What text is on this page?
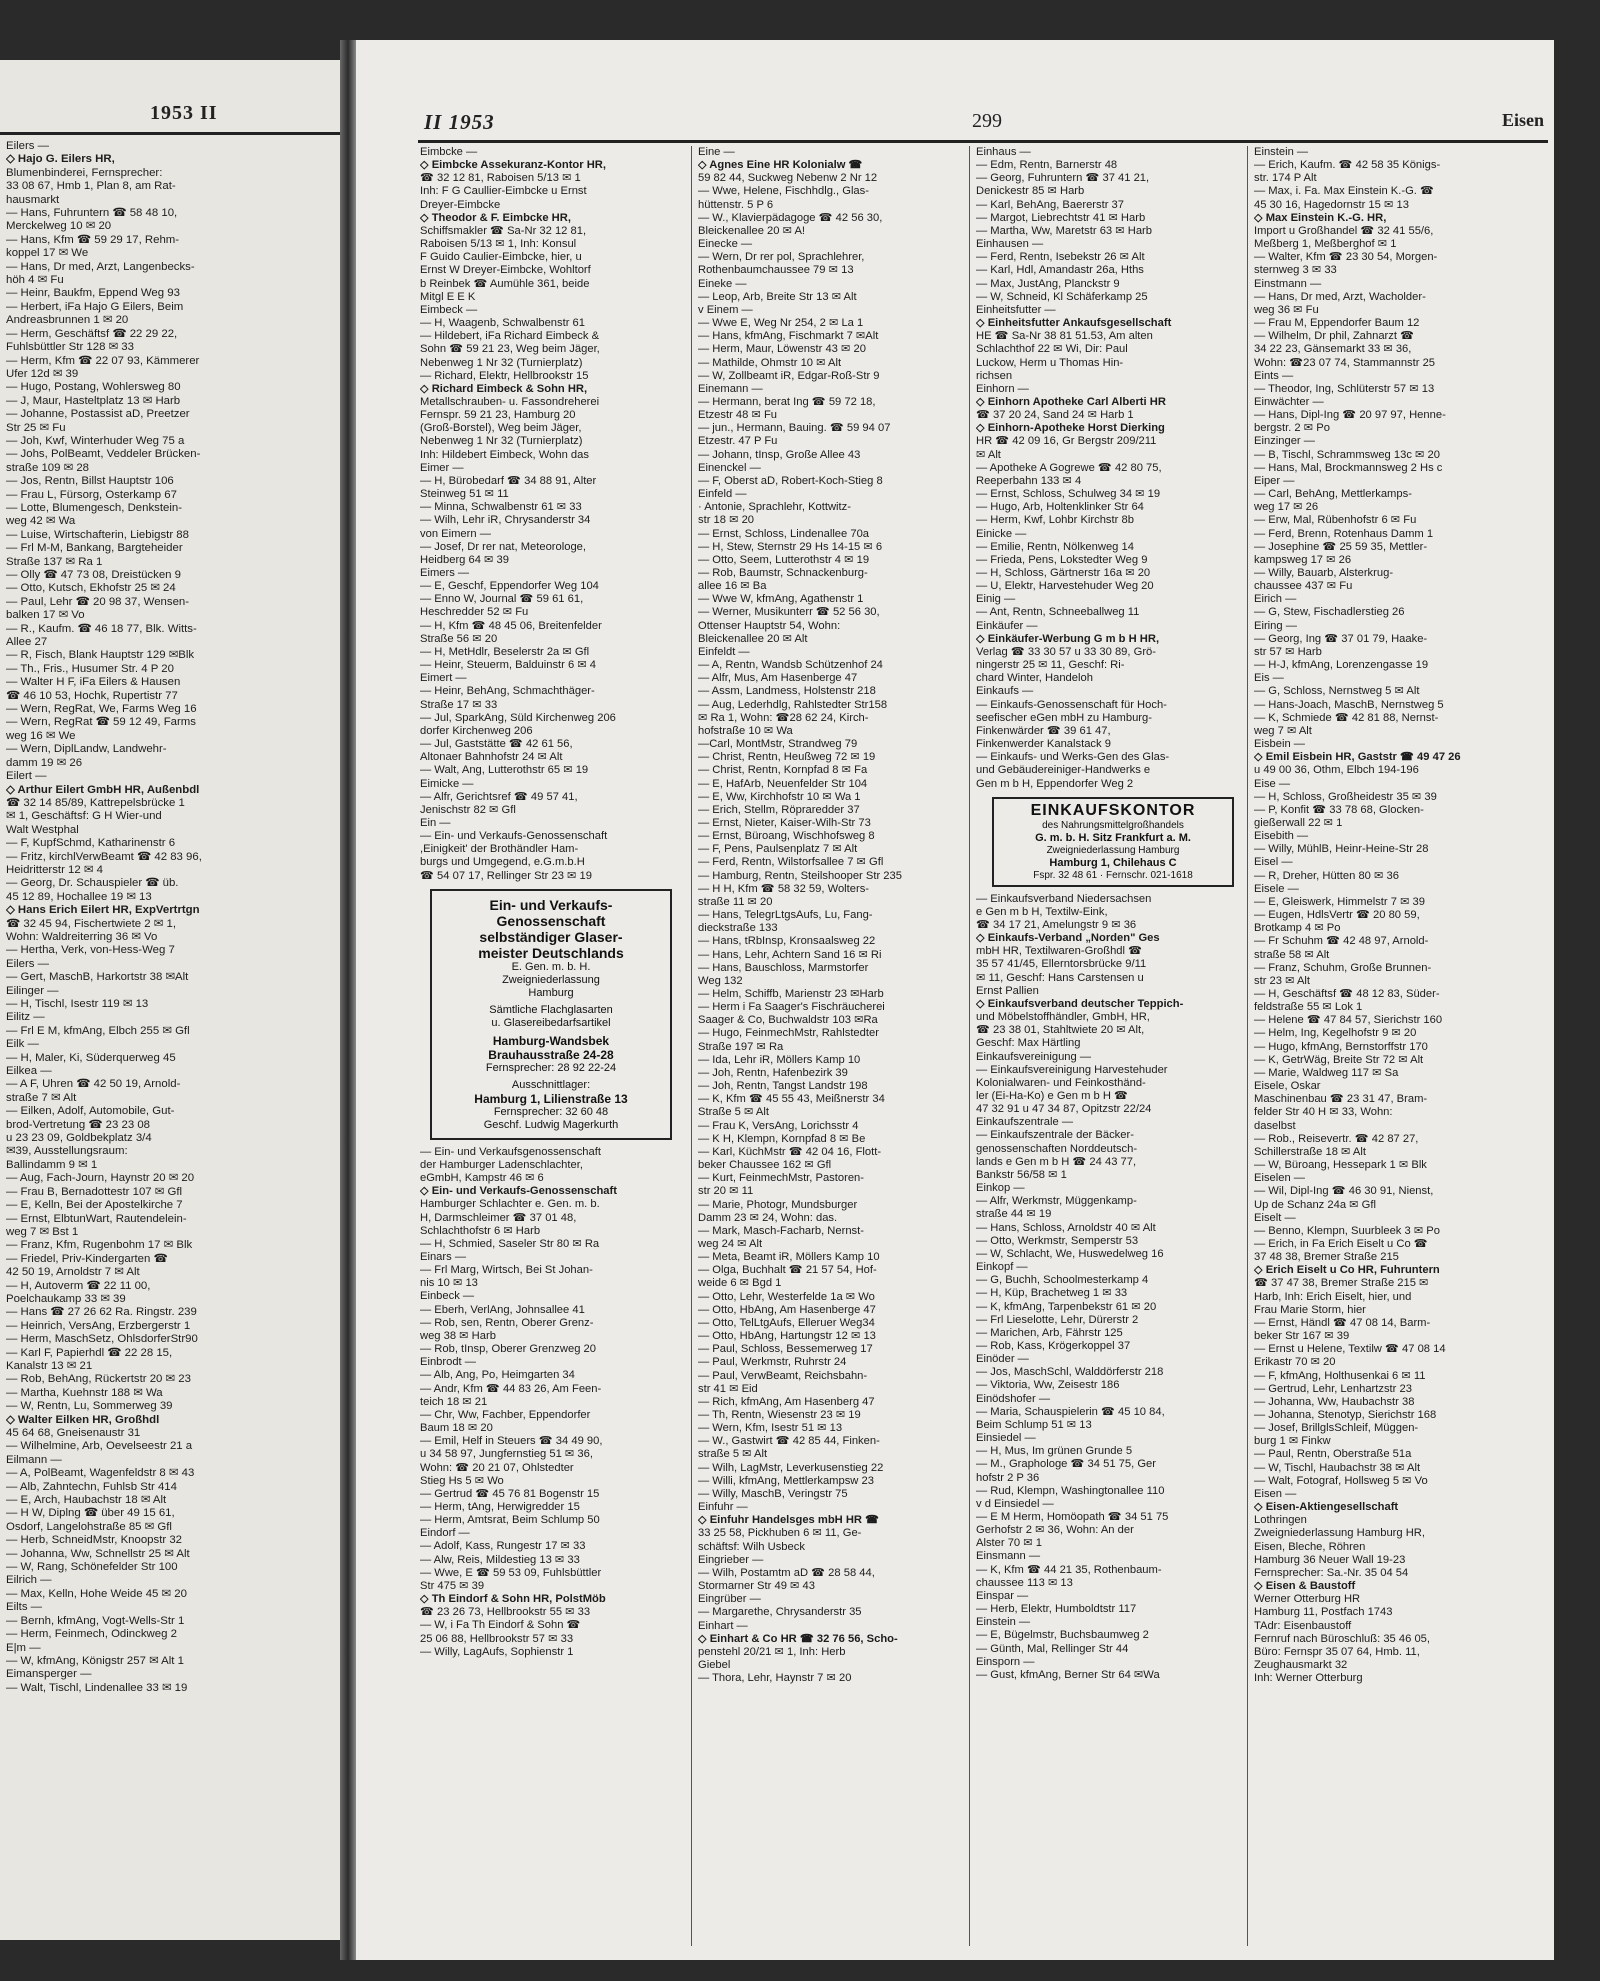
1953 II
Eilers —
◇ Hajo G. Eilers HR,
Blumenbinderei, Fernsprecher:
33 08 67, Hmb 1, Plan 8, am Rat-
hausmarkt
— Hans, Fuhruntern ☎ 58 48 10,
Merckelweg 10 ✉ 20
— Hans, Kfm ☎ 59 29 17, Rehm-
koppel 17 ✉ We
— Hans, Dr med, Arzt, Langenbecks-
höh 4 ✉ Fu
— Heinr, Baukfm, Eppend Weg 93
— Herbert, iFa Hajo G Eilers, Beim
Andreasbrunnen 1 ✉ 20
— Herm, Geschäftsf ☎ 22 29 22,
Fuhlsbüttler Str 128 ✉ 33
— Herm, Kfm ☎ 22 07 93, Kämmerer
Ufer 12d ✉ 39
— Hugo, Postang, Wohlersweg 80
— J, Maur, Hasteltplatz 13 ✉ Harb
— Johanne, Postassist aD, Preetzer
Str 25 ✉ Fu
— Joh, Kwf, Winterhuder Weg 75 a
— Johs, PolBeamt, Veddeler Brücken-
straße 109 ✉ 28
— Jos, Rentn, Billst Hauptstr 106
— Frau L, Fürsorg, Osterkamp 67
— Lotte, Blumengesch, Denkstein-
weg 42 ✉ Wa
— Luise, Wirtschafterin, Liebigstr 88
— Frl M-M, Bankang, Bargteheider
Straße 137 ✉ Ra 1
— Olly ☎ 47 73 08, Dreistücken 9
— Otto, Kutsch, Ekhofstr 25 ✉ 24
— Paul, Lehr ☎ 20 98 37, Wensen-
balken 17 ✉ Vo
— R., Kaufm. ☎ 46 18 77, Blk. Witts-
Allee 27
— R, Fisch, Blank Hauptstr 129 ✉Blk
— Th., Fris., Husumer Str. 4 P 20
— Walter H F, iFa Eilers & Hausen
☎ 46 10 53, Hochk, Rupertistr 77
— Wern, RegRat, We, Farms Weg 16
— Wern, RegRat ☎ 59 12 49, Farms
weg 16 ✉ We
— Wern, DiplLandw, Landwehr-
damm 19 ✉ 26
Eilert —
◇ Arthur Eilert GmbH HR, Außenbdl
☎ 32 14 85/89, Kattrepelsbrücke 1
✉ 1, Geschäftsf: G H Wier-und
Walt Westphal
— F, KupfSchmd, Katharinenstr 6
— Fritz, kirchlVerwBeamt ☎ 42 83 96,
Heidritterstr 12 ✉ 4
— Georg, Dr. Schauspieler ☎ üb.
45 12 89, Hochallee 19 ✉ 13
◇ Hans Erich Eilert HR, ExpVertrtgn
☎ 32 45 94, Fischertwiete 2 ✉ 1,
Wohn: Waldreiterring 36 ✉ Vo
— Hertha, Verk, von-Hess-Weg 7
Eilers —
— Gert, MaschB, Harkortstr 38 ✉Alt
Eilinger —
— H, Tischl, Isestr 119 ✉ 13
Eilitz —
— Frl E M, kfmAng, Elbch 255 ✉ Gfl
Eilk —
— H, Maler, Ki, Süderquerweg 45
Eilkea —
— A F, Uhren ☎ 42 50 19, Arnold-
straße 7 ✉ Alt
— Eilken, Adolf, Automobile, Gut-
brod-Vertretung ☎ 23 23 08
u 23 23 09, Goldbekplatz 3/4
✉39, Ausstellungsraum:
Ballindamm 9 ✉ 1
— Aug, Fach-Journ, Haynstr 20 ✉ 20
— Frau B, Bernadottestr 107 ✉ Gfl
— E, Kelln, Bei der Apostelkirche 7
— Ernst, ElbtunWart, Rautendelein-
weg 7 ✉ Bst 1
— Franz, Kfm, Rugenbohm 17 ✉ Blk
— Friedel, Priv-Kindergarten ☎
42 50 19, Arnoldstr 7 ✉ Alt
— H, Autoverm ☎ 22 11 00,
Poelchaukamp 33 ✉ 39
— Hans ☎ 27 26 62 Ra. Ringstr. 239
— Heinrich, VersAng, Erzbergerstr 1
— Herm, MaschSetz, OhlsdorferStr90
— Karl F, Papierhdl ☎ 22 28 15,
Kanalstr 13 ✉ 21
— Rob, BehAng, Rückertstr 20 ✉ 23
— Martha, Kuehnstr 188 ✉ Wa
— W, Rentn, Lu, Sommerweg 39
◇ Walter Eilken HR, Großhdl
45 64 68, Gneisenaustr 31
— Wilhelmine, Arb, Oevelseestr 21 a
Eilmann —
— A, PolBeamt, Wagenfeldstr 8 ✉ 43
— Alb, Zahntechn, Fuhlsb Str 414
— E, Arch, Haubachstr 18 ✉ Alt
— H W, Diplng ☎ über 49 15 61,
Osdorf, Langelohstraße 85 ✉ Gfl
— Herb, SchneidMstr, Knoopstr 32
— Johanna, Ww, Schnellstr 25 ✉ Alt
— W, Rang, Schönefelder Str 100
Eilrich —
— Max, Kelln, Hohe Weide 45 ✉ 20
Eilts —
— Bernh, kfmAng, Vogt-Wells-Str 1
— Herm, Feinmech, Odinckweg 2
E|m —
— W, kfmAng, Königstr 257 ✉ Alt 1
Eimansperger —
— Walt, Tischl, Lindenallee 33 ✉ 19
II 1953	299	Eisen
Eimbcke —
◇ Eimbcke Assekuranz-Kontor HR,
☎ 32 12 81, Raboisen 5/13 ✉ 1
Inh: F G Caullier-Eimbcke u Ernst
Dreyer-Eimbcke
◇ Theodor & F. Eimbcke HR,
Schiffsmakler ☎ Sa-Nr 32 12 81,
Raboisen 5/13 ✉ 1, Inh: Konsul
F Guido Caulier-Eimbcke, hier, u
Ernst W Dreyer-Eimbcke, Wohltorf
b Reinbek ☎ Aumühle 361, beide
Mitgl E E K
Eimbeck —
— H, Waagenb, Schwalbenstr 61
— Hildebert, iFa Richard Eimbeck &
Sohn ☎ 59 21 23, Weg beim Jäger,
Nebenweg 1 Nr 32 (Turnierplatz)
— Richard, Elektr, Hellbrookstr 15
◇ Richard Eimbeck & Sohn HR,
Metallschrauben- u. Fassondreherei
Fernspr. 59 21 23, Hamburg 20
(Groß-Borstel), Weg beim Jäger,
Nebenweg 1 Nr 32 (Turnierplatz)
Inh: Hildebert Eimbeck, Wohn das
Eimer —
— H, Bürobedarf ☎ 34 88 91, Alter
Steinweg 51 ✉ 11
— Minna, Schwalbenstr 61 ✉ 33
— Wilh, Lehr iR, Chrysanderstr 34
von Eimern —
— Josef, Dr rer nat, Meteorologe,
Heidberg 64 ✉ 39
Eimers —
— E, Geschf, Eppendorfer Weg 104
— Enno W, Journal ☎ 59 61 61,
Heschredder 52 ✉ Fu
— H, Kfm ☎ 48 45 06, Breitenfelder
Straße 56 ✉ 20
— H, MetHdlr, Beselerstr 2a ✉ Gfl
— Heinr, Steuerm, Balduinstr 6 ✉ 4
Eimert —
— Heinr, BehAng, Schmachthäger-
Straße 17 ✉ 33
— Jul, SparkAng, Süld Kirchenweg 206
dorfer Kirchenweg 206
— Jul, Gaststätte ☎ 42 61 56,
Altonaer Bahnhofstr 24 ✉ Alt
— Walt, Ang, Lutterothstr 65 ✉ 19
Eimicke —
— Alfr, Gerichtsref ☎ 49 57 41,
Jenischstr 82 ✉ Gfl
Ein —
— Ein- und Verkaufs-Genossenschaft
,Einigkeit' der Brothändler Ham-
burgs und Umgegend, e.G.m.b.H
☎ 54 07 17, Rellinger Str 23 ✉ 19
Ein- und Verkaufs-
Genossenschaft
selbständiger Glaser-
meister Deutschlands
E. Gen. m. b. H.
Zweigniederlassung
Hamburg
Sämtliche Flachglasarten
u. Glasereibedarfsartikel
Hamburg-Wandsbek
Brauhausstraße 24-28
Fernsprecher: 28 92 22-24
Ausschnittlager:
Hamburg 1, Lilienstraße 13
Fernsprecher: 32 60 48
Geschf. Ludwig Magerkurth
— Ein- und Verkaufsgenossenschaft
der Hamburger Ladenschlachter,
eGmbH, Kampstr 46 ✉ 6
◇ Ein- und Verkaufs-Genossenschaft
Hamburger Schlachter e. Gen. m. b.
H, Darmschleimer ☎ 37 01 48,
Schlachthofstr 6 ✉ Harb
— H, Schmied, Saseler Str 80 ✉ Ra
Einars —
— Frl Marg, Wirtsch, Bei St Johan-
nis 10 ✉ 13
Einbeck —
— Eberh, VerlAng, Johnsallee 41
— Rob, sen, Rentn, Oberer Grenz-
weg 38 ✉ Harb
— Rob, tInsp, Oberer Grenzweg 20
Einbrodt —
— Alb, Ang, Po, Heimgarten 34
— Andr, Kfm ☎ 44 83 26, Am Feen-
teich 18 ✉ 21
— Chr, Ww, Fachber, Eppendorfer
Baum 18 ✉ 20
— Emil, Helf in Steuers ☎ 34 49 90,
u 34 58 97, Jungfernstieg 51 ✉ 36,
Wohn: ☎ 20 21 07, Ohlstedter
Stieg Hs 5 ✉ Wo
— Gertrud ☎ 45 76 81 Bogenstr 15
— Herm, tAng, Herwigredder 15
— Herm, Amtsrat, Beim Schlump 50
Eindorf —
— Adolf, Kass, Rungestr 17 ✉ 33
— Alw, Reis, Mildestieg 13 ✉ 33
— Wwe, E ☎ 59 53 09, Fuhlsbüttler
Str 475 ✉ 39
◇ Th Eindorf & Sohn HR, PolstMöb
☎ 23 26 73, Hellbrookstr 55 ✉ 33
— W, i Fa Th Eindorf & Sohn ☎
25 06 88, Hellbrookstr 57 ✉ 33
— Willy, LagAufs, Sophienstr 1
Eine —
◇ Agnes Eine HR Kolonialw ☎
59 82 44, Suckweg Nebenw 2 Nr 12
— Wwe, Helene, Fischhdlg., Glas-
hüttenstr. 5 P 6
— W., Klavierpädagoge ☎ 42 56 30,
Bleickenallee 20 ✉ A!
Einecke —
— Wern, Dr rer pol, Sprachlehrer,
Rothenbaumchaussee 79 ✉ 13
Eineke —
— Leop, Arb, Breite Str 13 ✉ Alt
v Einem —
— Wwe E, Weg Nr 254, 2 ✉ La 1
— Hans, kfmAng, Fischmarkt 7 ✉Alt
— Herm, Maur, Löwenstr 43 ✉ 20
— Mathilde, Ohmstr 10 ✉ Alt
— W, Zollbeamt iR, Edgar-Roß-Str 9
Einemann —
— Hermann, berat Ing ☎ 59 72 18,
Etzestr 48 ✉ Fu
— jun., Hermann, Bauing. ☎ 59 94 07
Etzestr. 47 P Fu
— Johann, tInsp, Große Allee 43
Einenckel —
— F, Oberst aD, Robert-Koch-Stieg 8
Einfeld —
· Antonie, Sprachlehr, Kottwitz-
str 18 ✉ 20
— Ernst, Schloss, Lindenallee 70a
— H, Stew, Sternstr 29 Hs 14-15 ✉ 6
— Otto, Seem, Lutterothstr 4 ✉ 19
— Rob, Baumstr, Schnackenburg-
allee 16 ✉ Ba
— Wwe W, kfmAng, Agathenstr 1
— Werner, Musikunterr ☎ 52 56 30,
Ottenser Hauptstr 54, Wohn:
Bleickenallee 20 ✉ Alt
Einfeldt —
— A, Rentn, Wandsb Schützenhof 24
— Alfr, Mus, Am Hasenberge 47
— Assm, Landmess, Holstenstr 218
— Aug, Lederhdlg, Rahlstedter Str158
✉ Ra 1, Wohn: ☎28 62 24, Kirch-
hofstraße 10 ✉ Wa
—Carl, MontMstr, Strandweg 79
— Christ, Rentn, Heußweg 72 ✉ 19
— Christ, Rentn, Kornpfad 8 ✉ Fa
— E, HafArb, Neuenfelder Str 104
— E, Ww, Kirchhofstr 10 ✉ Wa 1
— Erich, Stellm, Röpraredder 37
— Ernst, Nieter, Kaiser-Wilh-Str 73
— Ernst, Büroang, Wischhofsweg 8
— F, Pens, Paulsenplatz 7 ✉ Alt
— Ferd, Rentn, Wilstorfsallee 7 ✉ Gfl
— Hamburg, Rentn, Steilshooper Str 235
— H H, Kfm ☎ 58 32 59, Wolters-
straße 11 ✉ 20
— Hans, TelegrLtgsAufs, Lu, Fang-
dieckstraße 133
— Hans, tRbInsp, Kronsaalsweg 22
— Hans, Lehr, Achtern Sand 16 ✉ Ri
— Hans, Bauschloss, Marmstorfer
Weg 132
— Helm, Schiffb, Marienstr 23 ✉Harb
— Herm i Fa Saager's Fischräucherei
Saager & Co, Buchwaldstr 103 ✉Ra
— Hugo, FeinmechMstr, Rahlstedter
Straße 197 ✉ Ra
— Ida, Lehr iR, Möllers Kamp 10
— Joh, Rentn, Hafenbezirk 39
— Joh, Rentn, Tangst Landstr 198
— K, Kfm ☎ 45 55 43, Meißnerstr 34
Straße 5 ✉ Alt
— Frau K, VersAng, Lorichsstr 4
— K H, Klempn, Kornpfad 8 ✉ Be
— Karl, KüchMstr ☎ 42 04 16, Flott-
beker Chaussee 162 ✉ Gfl
— Kurt, FeinmechMstr, Pastoren-
str 20 ✉ 11
— Marie, Photogr, Mundsburger
Damm 23 ✉ 24, Wohn: das.
— Mark, Masch-Facharb, Nernst-
weg 24 ✉ Alt
— Meta, Beamt iR, Möllers Kamp 10
— Olga, Buchhalt ☎ 21 57 54, Hof-
weide 6 ✉ Bgd 1
— Otto, Lehr, Westerfelde 1a ✉ Wo
— Otto, HbAng, Am Hasenberge 47
— Otto, TelLtgAufs, Elleruer Weg34
— Otto, HbAng, Hartungstr 12 ✉ 13
— Paul, Schloss, Bessemerweg 17
— Paul, Werkmstr, Ruhrstr 24
— Paul, VerwBeamt, Reichsbahn-
str 41 ✉ Eid
— Rich, kfmAng, Am Hasenberg 47
— Th, Rentn, Wiesenstr 23 ✉ 19
— Wern, Kfm, Isestr 51 ✉ 13
— W., Gastwirt ☎ 42 85 44, Finken-
straße 5 ✉ Alt
— Wilh, LagMstr, Leverkusenstieg 22
— Willi, kfmAng, Mettlerkampsw 23
— Willy, MaschB, Veringstr 75
Einfuhr —
◇ Einfuhr Handelsges mbH HR ☎
33 25 58, Pickhuben 6 ✉ 11, Ge-
schäftsf: Wilh Usbeck
Eingrieber —
— Wilh, Postamtm aD ☎ 28 58 44,
Stormarner Str 49 ✉ 43
Eingrüber —
— Margarethe, Chrysanderstr 35
Einhart —
◇ Einhart & Co HR ☎ 32 76 56, Scho-
penstehl 20/21 ✉ 1, Inh: Herb
Giebel
— Thora, Lehr, Haynstr 7 ✉ 20
Einhaus —
— Edm, Rentn, Barnerstr 48
— Georg, Fuhruntern ☎ 37 41 21,
Denickestr 85 ✉ Harb
— Karl, BehAng, Baererstr 37
— Margot, Liebrechtstr 41 ✉ Harb
— Martha, Ww, Maretstr 63 ✉ Harb
Einhausen —
— Ferd, Rentn, Isebekstr 26 ✉ Alt
— Karl, Hdl, Amandastr 26a, Hths
— Max, JustAng, Planckstr 9
— W, Schneid, Kl Schäferkamp 25
Einheitsfutter —
◇ Einheitsfutter Ankaufsgesellschaft
HE ☎ Sa-Nr 38 81 51.53, Am alten
Schlachthof 22 ✉ Wi, Dir: Paul
Luckow, Herm u Thomas Hin-
richsen
Einhorn —
◇ Einhorn Apotheke Carl Alberti HR
☎ 37 20 24, Sand 24 ✉ Harb 1
◇ Einhorn-Apotheke Horst Dierking
HR ☎ 42 09 16, Gr Bergstr 209/211
✉ Alt
— Apotheke A Gogrewe ☎ 42 80 75,
Reeperbahn 133 ✉ 4
— Ernst, Schloss, Schulweg 34 ✉ 19
— Hugo, Arb, Holtenklinker Str 64
— Herm, Kwf, Lohbr Kirchstr 8b
Einicke —
— Emilie, Rentn, Nölkenweg 14
— Frieda, Pens, Lokstedter Weg 9
— H, Schloss, Gärtnerstr 16a ✉ 20
— U, Elektr, Harvestehuder Weg 20
Einig —
— Ant, Rentn, Schneeballweg 11
Einkäufer —
◇ Einkäufer-Werbung G m b H HR,
Verlag ☎ 33 30 57 u 33 30 89, Grö-
ningerstr 25 ✉ 11, Geschf: Ri-
chard Winter, Handeloh
Einkaufs —
— Einkaufs-Genossenschaft für Hoch-
seefischer eGen mbH zu Hamburg-
Finkenwärder ☎ 39 61 47,
Finkenwerder Kanalstack 9
— Einkaufs- und Werks-Gen des Glas-
und Gebäudereiniger-Handwerks e
Gen m b H, Eppendorfer Weg 2
EINKAUFSKONTOR
des Nahrungsmittelgroßhandels
G. m. b. H. Sitz Frankfurt a. M.
Zweigniederlassung Hamburg
Hamburg 1, Chilehaus C
Fspr. 32 48 61 · Fernschr. 021-1618
— Einkaufsverband Niedersachsen
e Gen m b H, Textilw-Eink,
☎ 34 17 21, Amelungstr 9 ✉ 36
◇ Einkaufs-Verband „Norden" Ges
mbH HR, Textilwaren-Großhdl ☎
35 57 41/45, Ellerntorsbrücke 9/11
✉ 11, Geschf: Hans Carstensen u
Ernst Pallien
◇ Einkaufsverband deutscher Teppich-
und Möbelstoffhändler, GmbH, HR,
☎ 23 38 01, Stahltwiete 20 ✉ Alt,
Geschf: Max Härtling
Einkaufsvereinigung —
— Einkaufsvereinigung Harvestehuder
Kolonialwaren- und Feinkosthänd-
ler (Ei-Ha-Ko) e Gen m b H ☎
47 32 91 u 47 34 87, Opitzstr 22/24
Einkaufszentrale —
— Einkaufszentrale der Bäcker-
genossenschaften Norddeutsch-
lands e Gen m b H ☎ 24 43 77,
Bankstr 56/58 ✉ 1
Einkop —
— Alfr, Werkmstr, Müggenkamp-
straße 44 ✉ 19
— Hans, Schloss, Arnoldstr 40 ✉ Alt
— Otto, Werkmstr, Semperstr 53
— W, Schlacht, We, Huswedelweg 16
Einkopf —
— G, Buchh, Schoolmesterkamp 4
— H, Küp, Brachetweg 1 ✉ 33
— K, kfmAng, Tarpenbekstr 61 ✉ 20
— Frl Lieselotte, Lehr, Dürerstr 2
— Marichen, Arb, Fährstr 125
— Rob, Kass, Krögerkoppel 37
Einöder —
— Jos, MaschSchl, Walddörferstr 218
— Viktoria, Ww, Zeisestr 186
Einödshofer —
— Maria, Schauspielerin ☎ 45 10 84,
Beim Schlump 51 ✉ 13
Einsiedel —
— H, Mus, Im grünen Grunde 5
— M., Graphologe ☎ 34 51 75, Ger
hofstr 2 P 36
— Rud, Klempn, Washingtonallee 110
v d Einsiedel —
— E M Herm, Homöopath ☎ 34 51 75
Gerhofstr 2 ✉ 36, Wohn: An der
Alster 70 ✉ 1
Einsmann —
— K, Kfm ☎ 44 21 35, Rothenbaum-
chaussee 113 ✉ 13
Einspar —
— Herb, Elektr, Humboldtstr 117
Einstein —
— E, Bügelmstr, Buchsbaumweg 2
— Günth, Mal, Rellinger Str 44
Einsporn —
— Gust, kfmAng, Berner Str 64 ✉Wa
Einstein —
— Erich, Kaufm. ☎ 42 58 35 Königs-
str. 174 P Alt
— Max, i. Fa. Max Einstein K.-G. ☎
45 30 16, Hagedornstr 15 ✉ 13
◇ Max Einstein K.-G. HR,
Import u Großhandel ☎ 32 41 55/6,
Meßberg 1, Meßberghof ✉ 1
— Walter, Kfm ☎ 23 30 54, Morgen-
sternweg 3 ✉ 33
Einstmann —
— Hans, Dr med, Arzt, Wacholder-
weg 36 ✉ Fu
— Frau M, Eppendorfer Baum 12
— Wilhelm, Dr phil, Zahnarzt ☎
34 22 23, Gänsemarkt 33 ✉ 36,
Wohn: ☎23 07 74, Stammannstr 25
Eints —
— Theodor, Ing, Schlüterstr 57 ✉ 13
Einwächter —
— Hans, Dipl-Ing ☎ 20 97 97, Henne-
bergstr. 2 ✉ Po
Einzinger —
— B, Tischl, Schrammsweg 13c ✉ 20
— Hans, Mal, Brockmannsweg 2 Hs c
Eiper —
— Carl, BehAng, Mettlerkamps-
weg 17 ✉ 26
— Erw, Mal, Rübenhofstr 6 ✉ Fu
— Ferd, Brenn, Rotenhaus Damm 1
— Josephine ☎ 25 59 35, Mettler-
kampsweg 17 ✉ 26
— Willy, Bauarb, Alsterkrug-
chaussee 437 ✉ Fu
Eirich —
— G, Stew, Fischadlerstieg 26
Eiring —
— Georg, Ing ☎ 37 01 79, Haake-
str 57 ✉ Harb
— H-J, kfmAng, Lorenzengasse 19
Eis —
— G, Schloss, Nernstweg 5 ✉ Alt
— Hans-Joach, MaschB, Nernstweg 5
— K, Schmiede ☎ 42 81 88, Nernst-
weg 7 ✉ Alt
Eisbein —
◇ Emil Eisbein HR, Gaststr ☎ 49 47 26
u 49 00 36, Othm, Elbch 194-196
Eise —
— H, Schloss, Großheidestr 35 ✉ 39
— P, Konfit ☎ 33 78 68, Glocken-
gießerwall 22 ✉ 1
Eisebith —
— Willy, MühlB, Heinr-Heine-Str 28
Eisel —
— R, Dreher, Hütten 80 ✉ 36
Eisele —
— E, Gleiswerk, Himmelstr 7 ✉ 39
— Eugen, HdlsVertr ☎ 20 80 59,
Brotkamp 4 ✉ Po
— Fr Schuhm ☎ 42 48 97, Arnold-
straße 58 ✉ Alt
— Franz, Schuhm, Große Brunnen-
str 23 ✉ Alt
— H, Geschäftsf ☎ 48 12 83, Süder-
feldstraße 55 ✉ Lok 1
— Helene ☎ 47 84 57, Sierichstr 160
— Helm, Ing, Kegelhofstr 9 ✉ 20
— Hugo, kfmAng, Bernstorffstr 170
— K, GetrWäg, Breite Str 72 ✉ Alt
— Marie, Waldweg 117 ✉ Sa
Eisele, Oskar
Maschinenbau ☎ 23 31 47, Bram-
felder Str 40 H ✉ 33, Wohn:
daselbst
— Rob., Reisevertr. ☎ 42 87 27,
Schillerstraße 18 ✉ Alt
— W, Büroang, Hessepark 1 ✉ Blk
Eiselen —
— Wil, Dipl-Ing ☎ 46 30 91, Nienst,
Up de Schanz 24a ✉ Gfl
Eiselt —
— Benno, Klempn, Suurbleek 3 ✉ Po
— Erich, in Fa Erich Eiselt u Co ☎
37 48 38, Bremer Straße 215
◇ Erich Eiselt u Co HR, Fuhruntern
☎ 37 47 38, Bremer Straße 215 ✉
Harb, Inh: Erich Eiselt, hier, und
Frau Marie Storm, hier
— Ernst, Händl ☎ 47 08 14, Barm-
beker Str 167 ✉ 39
— Ernst u Helene, Textilw ☎ 47 08 14
Erikastr 70 ✉ 20
— F, kfmAng, Holthusenkai 6 ✉ 11
— Gertrud, Lehr, Lenhartzstr 23
— Johanna, Ww, Haubachstr 38
— Johanna, Stenotyp, Sierichstr 168
— Josef, BrillglsSchleif, Müggen-
burg 1 ✉ Finkw
— Paul, Rentn, Oberstraße 51a
— W, Tischl, Haubachstr 38 ✉ Alt
— Walt, Fotograf, Hollsweg 5 ✉ Vo
Eisen —
◇ Eisen-Aktiengesellschaft
Lothringen
Zweigniederlassung Hamburg HR,
Eisen, Bleche, Röhren
Hamburg 36 Neuer Wall 19-23
Fernsprecher: Sa.-Nr. 35 04 54
◇ Eisen & Baustoff
Werner Otterburg HR
Hamburg 11, Postfach 1743
TAdr: Eisenbaustoff
Fernruf nach Büroschluß: 35 46 05,
Büro: Fernspr 35 07 64, Hmb. 11,
Zeughausmarkt 32
Inh: Werner Otterburg
